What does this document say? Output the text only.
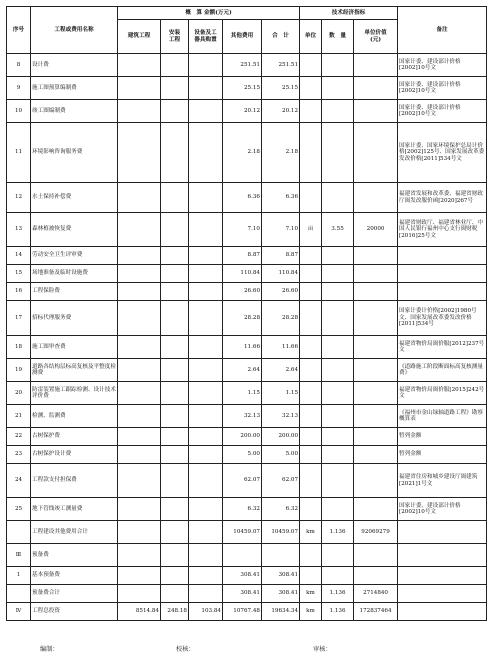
序号	工程或费用名称	概　算 金额(万元)					技术经济指标			备注
		建筑工程	安装
工程	设备及工
器具购置	其他费用	合　计	单位	数　量	单位价值
(元)	
8	设计费				251.51	251.51				国家计委、建设部计价格[2002]10号文
9	施工图预算编制费				25.15	25.15				国家计委、建设部计价格[2002]10号文
10	竣工图编制费				20.12	20.12				国家计委、建设部计价格[2002]10号文
11	环境影响咨询服务费				2.18	2.18				国家计委、国家环境保护总局计价格[2002]125号、国家发展改革委发改价格[2011]534号文
12	水土保持补偿费				6.36	6.36				福建省发展和改革委、福建省财政厅闽发改服价函[2020]267号
13	森林植被恢复费				7.10	7.10	亩	3.55	20000	福建省财政厅、福建省林业厅、中国人民银行福州中心支行闽财税[2016]25号文
14	劳动安全卫生评审费				8.87	8.87				
15	场地准备及临时设施费				110.84	110.84				
16	工程保险费				26.60	26.60				
17	招标代理服务费				28.28	28.28				国家计委计价格[2002]1980号文、国家发展改革委发改价格[2011]534号
18	施工图审查费				11.66	11.66				福建省物价局闽价服[2012]237号文
19	道路各结构层标高复核及平整度检测费				2.64	2.64				《道路施工阶段断面标高复核测量费》
20	防雷装置施工跟踪检测、设计技术评价费				1.15	1.15				福建省物价局闽价服[2015]242号文
21	检测、监测费				32.13	32.13				《福州市金山绿轴道路工程》勘察概算表
22	古树保护费				200.00	200.00				暂列金额
23	古树保护设计费				5.00	5.00				暂列金额
24	工程款支付担保费				62.07	62.07				福建省住房和城乡建设厅闽建筑[2021]1号文
25	地下管线竣工测量费				6.32	6.32				国家计委、建设部计价格[2002]10号文
	工程建设其他费用合计				10459.07	10459.07	km	1.136	92069279	
Ⅲ	预备费									
1	基本预备费				308.41	308.41				
	预备费合计				308.41	308.41	km	1.136	2714840	
Ⅳ	工程总投资	8514.84	248.18	103.84	10767.48	19634.34	km	1.136	172837464	
编制：	校核：	审核：
